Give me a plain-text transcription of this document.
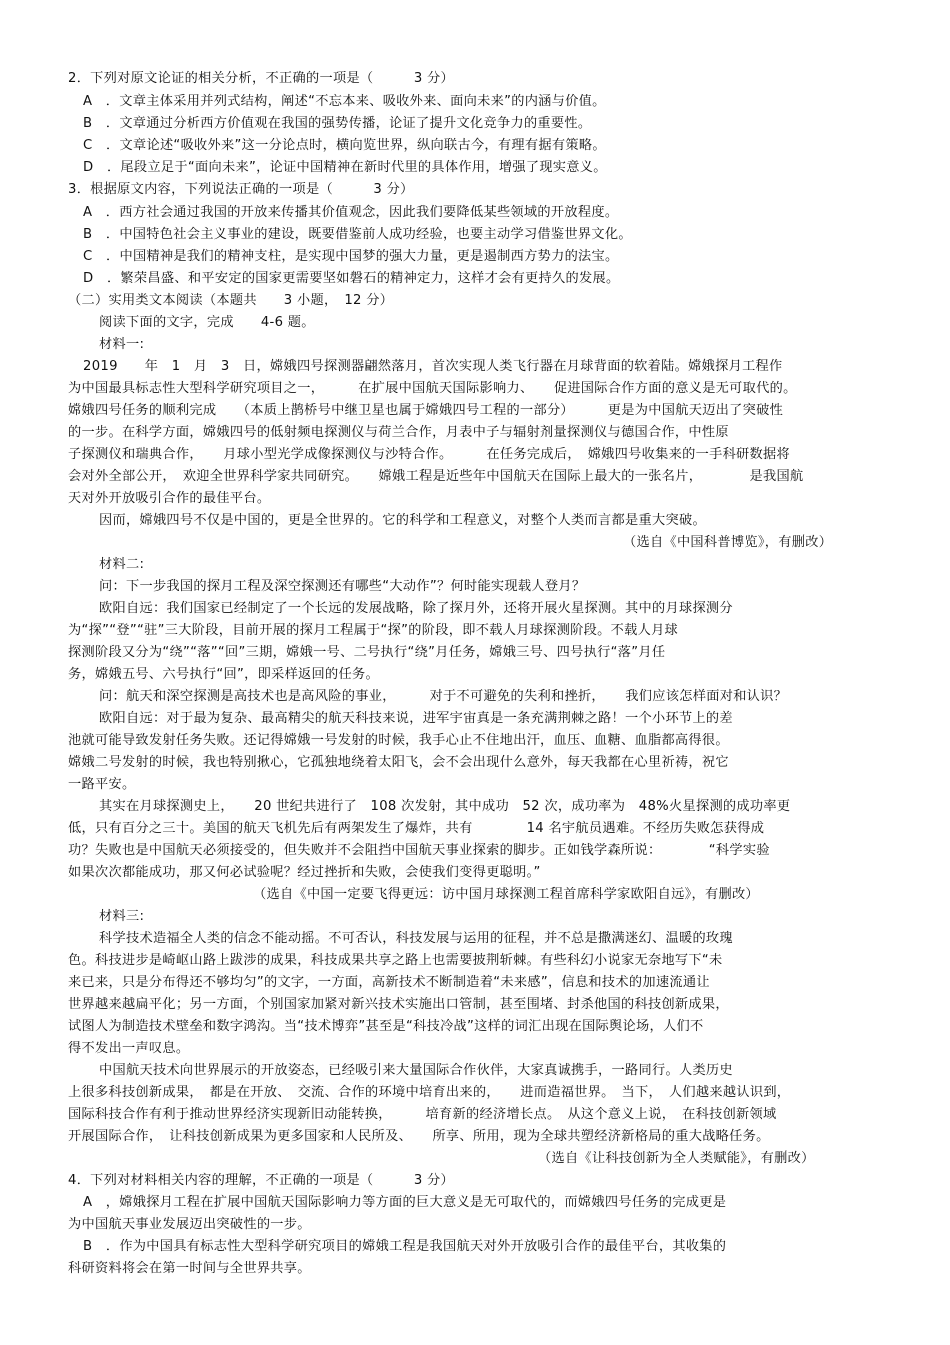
2．下列对原文论证的相关分析，不正确的一项是（　　　3 分）
A　．文章主体采用并列式结构，阐述“不忘本来、吸收外来、面向未来”的内涵与价值。
B　．文章通过分析西方价值观在我国的强势传播，论证了提升文化竞争力的重要性。
C　．文章论述“吸收外来”这一分论点时，横向览世界，纵向联古今，有理有据有策略。
D　．尾段立足于“面向未来”，论证中国精神在新时代里的具体作用，增强了现实意义。
3．根据原文内容，下列说法正确的一项是（　　　3 分）
A　．西方社会通过我国的开放来传播其价值观念，因此我们要降低某些领域的开放程度。
B　．中国特色社会主义事业的建设，既要借鉴前人成功经验，也要主动学习借鉴世界文化。
C　．中国精神是我们的精神支柱，是实现中国梦的强大力量，更是遏制西方势力的法宝。
D　．繁荣昌盛、和平安定的国家更需要坚如磐石的精神定力，这样才会有更持久的发展。
（二）实用类文本阅读（本题共　　3 小题，　12 分）
阅读下面的文字，完成　　4-6 题。
材料一:
2019　　年　1　月　3　日，嫦娥四号探测器翩然落月，首次实现人类飞行器在月球背面的软着陆。嫦娥探月工程作
为中国最具标志性大型科学研究项目之一，　　　在扩展中国航天国际影响力、　　促进国际合作方面的意义是无可取代的。
嫦娥四号任务的顺利完成　　（本质上鹊桥号中继卫星也属于嫦娥四号工程的一部分）　　　更是为中国航天迈出了突破性
的一步。在科学方面，嫦娥四号的低射频电探测仪与荷兰合作，月表中子与辐射剂量探测仪与德国合作，中性原
子探测仪和瑞典合作，　　月球小型光学成像探测仪与沙特合作。　　　在任务完成后，　嫦娥四号收集来的一手科研数据将
会对外全部公开，　欢迎全世界科学家共同研究。　　嫦娥工程是近些年中国航天在国际上最大的一张名片，　　　　是我国航
天对外开放吸引合作的最佳平台。
因而，嫦娥四号不仅是中国的，更是全世界的。它的科学和工程意义，对整个人类而言都是重大突破。
（选自《中国科普博览》，有删改）
材料二:
问：下一步我国的探月工程及深空探测还有哪些“大动作”？何时能实现载人登月？
欧阳自远：我们国家已经制定了一个长远的发展战略，除了探月外，还将开展火星探测。其中的月球探测分
为“探”“登”“驻”三大阶段，目前开展的探月工程属于“探”的阶段，即不载人月球探测阶段。不载人月球
探测阶段又分为“绕”“落”“回”三期，嫦娥一号、二号执行“绕”月任务，嫦娥三号、四号执行“落”月任
务，嫦娥五号、六号执行“回”，即采样返回的任务。
问：航天和深空探测是高技术也是高风险的事业，　　　对于不可避免的失利和挫折，　　我们应该怎样面对和认识？
欧阳自远：对于最为复杂、最高精尖的航天科技来说，进军宇宙真是一条充满荆棘之路！一个小环节上的差
池就可能导致发射任务失败。还记得嫦娥一号发射的时候，我手心止不住地出汗，血压、血糖、血脂都高得很。
嫦娥二号发射的时候，我也特别揪心，它孤独地绕着太阳飞，会不会出现什么意外，每天我都在心里祈祷，祝它
一路平安。
其实在月球探测史上，　　20 世纪共进行了　108 次发射，其中成功　52 次，成功率为　48%火星探测的成功率更
低，只有百分之三十。美国的航天飞机先后有两架发生了爆炸，共有　　　　14 名宇航员遇难。不经历失败怎获得成
功？失败也是中国航天必须接受的，但失败并不会阻挡中国航天事业探索的脚步。正如钱学森所说：　　　　“科学实验
如果次次都能成功，那又何必试验呢？经过挫折和失败，会使我们变得更聪明。”
（选自《中国一定要飞得更远：访中国月球探测工程首席科学家欧阳自远》，有删改）
材料三:
科学技术造福全人类的信念不能动摇。不可否认，科技发展与运用的征程，并不总是撒满迷幻、温暖的玫瑰
色。科技进步是崎岖山路上跋涉的成果，科技成果共享之路上也需要披荆斩棘。有些科幻小说家无奈地写下“未
来已来，只是分布得还不够均匀”的文字，一方面，高新技术不断制造着“未来感”，信息和技术的加速流通让
世界越来越扁平化；另一方面，个别国家加紧对新兴技术实施出口管制，甚至围堵、封杀他国的科技创新成果，
试图人为制造技术壁垒和数字鸿沟。当“技术博弈”甚至是“科技冷战”这样的词汇出现在国际舆论场，人们不
得不发出一声叹息。
中国航天技术向世界展示的开放姿态，已经吸引来大量国际合作伙伴，大家真诚携手，一路同行。人类历史
上很多科技创新成果，　都是在开放、　交流、合作的环境中培育出来的，　　进而造福世界。　当下，　人们越来越认识到，
国际科技合作有利于推动世界经济实现新旧动能转换，　　　培育新的经济增长点。　从这个意义上说，　在科技创新领域
开展国际合作，　让科技创新成果为更多国家和人民所及、　　所享、所用，现为全球共塑经济新格局的重大战略任务。
（选自《让科技创新为全人类赋能》，有删改）
4．下列对材料相关内容的理解，不正确的一项是（　　　3 分）
A　，嫦娥探月工程在扩展中国航天国际影响力等方面的巨大意义是无可取代的，而嫦娥四号任务的完成更是
为中国航天事业发展迈出突破性的一步。
B　．作为中国具有标志性大型科学研究项目的嫦娥工程是我国航天对外开放吸引合作的最佳平台，其收集的
科研资料将会在第一时间与全世界共享。
